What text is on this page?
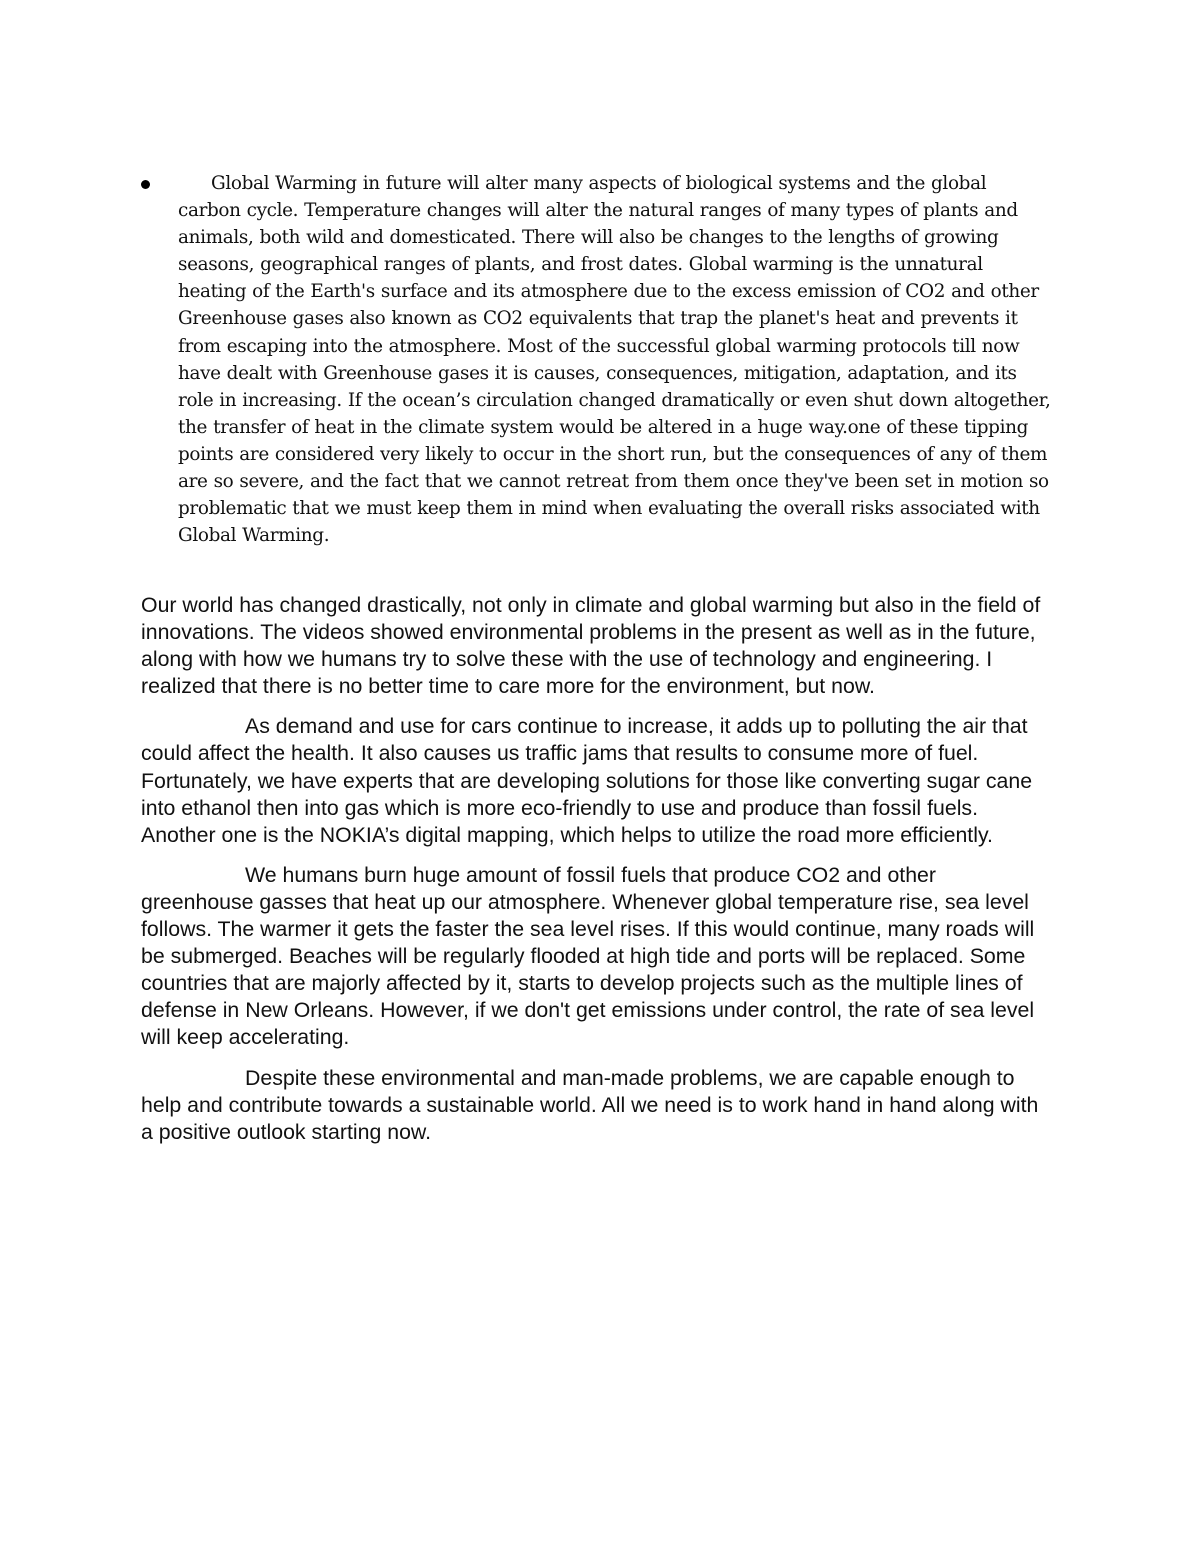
Global Warming in future will alter many aspects of biological systems and the global carbon cycle. Temperature changes will alter the natural ranges of many types of plants and animals, both wild and domesticated. There will also be changes to the lengths of growing seasons, geographical ranges of plants, and frost dates. Global warming is the unnatural heating of the Earth's surface and its atmosphere due to the excess emission of CO2 and other Greenhouse gases also known as CO2 equivalents that trap the planet's heat and prevents it from escaping into the atmosphere. Most of the successful global warming protocols till now have dealt with Greenhouse gases it is causes, consequences, mitigation, adaptation, and its role in increasing. If the ocean’s circulation changed dramatically or even shut down altogether, the transfer of heat in the climate system would be altered in a huge way.one of these tipping points are considered very likely to occur in the short run, but the consequences of any of them are so severe, and the fact that we cannot retreat from them once they've been set in motion so problematic that we must keep them in mind when evaluating the overall risks associated with Global Warming.

Our world has changed drastically, not only in climate and global warming but also in the field of innovations. The videos showed environmental problems in the present as well as in the future, along with how we humans try to solve these with the use of technology and engineering. I realized that there is no better time to care more for the environment, but now.

As demand and use for cars continue to increase, it adds up to polluting the air that could affect the health. It also causes us traffic jams that results to consume more of fuel. Fortunately, we have experts that are developing solutions for those like converting sugar cane into ethanol then into gas which is more eco-friendly to use and produce than fossil fuels. Another one is the NOKIA’s digital mapping, which helps to utilize the road more efficiently.

We humans burn huge amount of fossil fuels that produce CO2 and other greenhouse gasses that heat up our atmosphere. Whenever global temperature rise, sea level follows. The warmer it gets the faster the sea level rises. If this would continue, many roads will be submerged. Beaches will be regularly flooded at high tide and ports will be replaced. Some countries that are majorly affected by it, starts to develop projects such as the multiple lines of defense in New Orleans. However, if we don't get emissions under control, the rate of sea level will keep accelerating.

Despite these environmental and man-made problems, we are capable enough to help and contribute towards a sustainable world. All we need is to work hand in hand along with a positive outlook starting now.
